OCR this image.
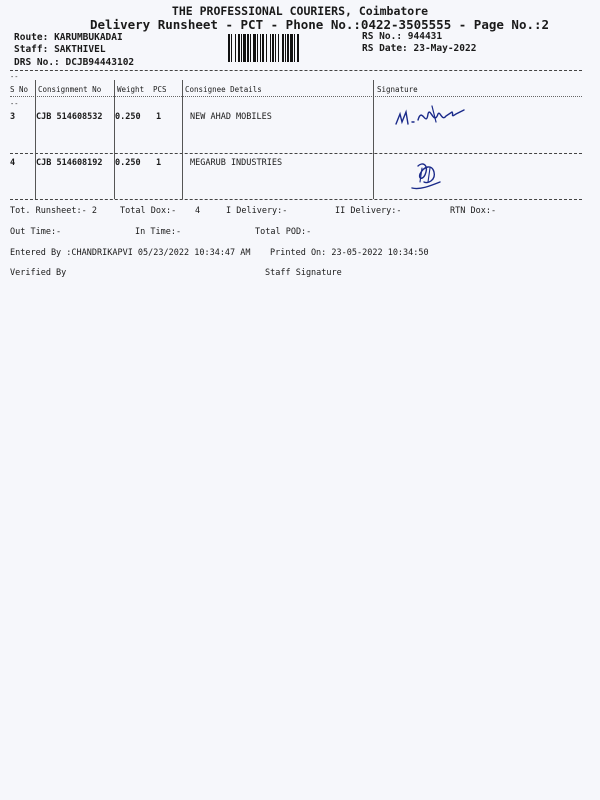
THE PROFESSIONAL COURIERS, Coimbatore
Delivery Runsheet - PCT - Phone No.:0422-3505555 - Page No.:2
Route: KARUMBUKADAI
Staff: SAKTHIVEL
DRS No.: DCJB94443102
RS No.: 944431
RS Date: 23-May-2022
--
--
S No Consignment No Weight PCS Consignee Details	Signature
3 CJB 514608532 0.250 1	NEW AHAD MOBILES
4 CJB 514608192 0.250 1	MEGARUB INDUSTRIES
Tot. Runsheet:- 2	Total Dox:- 4	I Delivery:-	II Delivery:-	RTN Dox:-
Out Time:-	In Time:-	Total POD:-
Entered By :CHANDRIKAPVI 05/23/2022 10:34:47 AM Printed On: 23-05-2022 10:34:50
Verified By	Staff Signature
